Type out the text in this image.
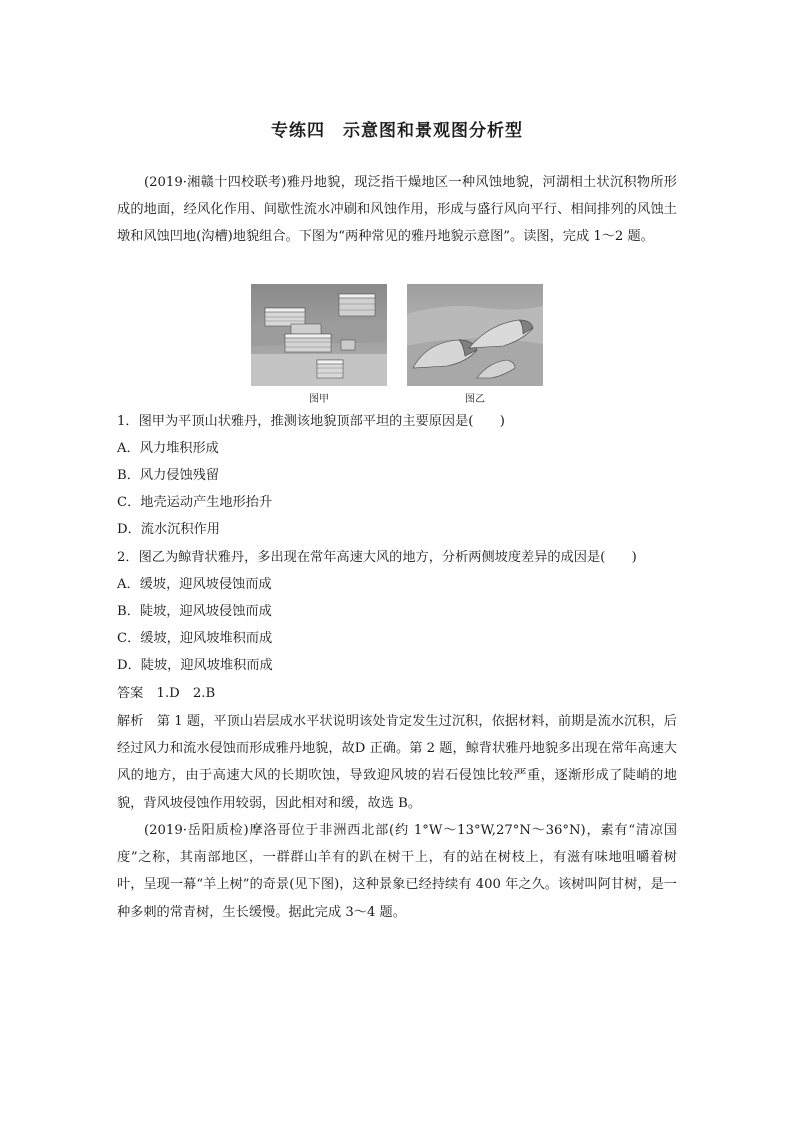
专练四　示意图和景观图分析型

(2019·湘赣十四校联考)雅丹地貌，现泛指干燥地区一种风蚀地貌，河湖相土状沉积物所形成的地面，经风化作用、间歇性流水冲刷和风蚀作用，形成与盛行风向平行、相间排列的风蚀土墩和风蚀凹地(沟槽)地貌组合。下图为“两种常见的雅丹地貌示意图”。读图，完成 1～2 题。

图甲	图乙
1．图甲为平顶山状雅丹，推测该地貌顶部平坦的主要原因是(　　)
A．风力堆积形成
B．风力侵蚀残留
C．地壳运动产生地形抬升
D．流水沉积作用
2．图乙为鲸背状雅丹，多出现在常年高速大风的地方，分析两侧坡度差异的成因是(　　)
A．缓坡，迎风坡侵蚀而成
B．陡坡，迎风坡侵蚀而成
C．缓坡，迎风坡堆积而成
D．陡坡，迎风坡堆积而成
答案　1.D　2.B

解析　第 1 题，平顶山岩层成水平状说明该处肯定发生过沉积，依据材料，前期是流水沉积，后经过风力和流水侵蚀而形成雅丹地貌，故D 正确。第 2 题，鲸背状雅丹地貌多出现在常年高速大风的地方，由于高速大风的长期吹蚀，导致迎风坡的岩石侵蚀比较严重，逐渐形成了陡峭的地貌，背风坡侵蚀作用较弱，因此相对和缓，故选 B。

(2019·岳阳质检)摩洛哥位于非洲西北部(约 1°W～13°W,27°N～36°N)，素有“清凉国度”之称，其南部地区，一群群山羊有的趴在树干上，有的站在树枝上，有滋有味地咀嚼着树叶，呈现一幕“羊上树”的奇景(见下图)，这种景象已经持续有 400 年之久。该树叫阿甘树，是一种多刺的常青树，生长缓慢。据此完成 3～4 题。
